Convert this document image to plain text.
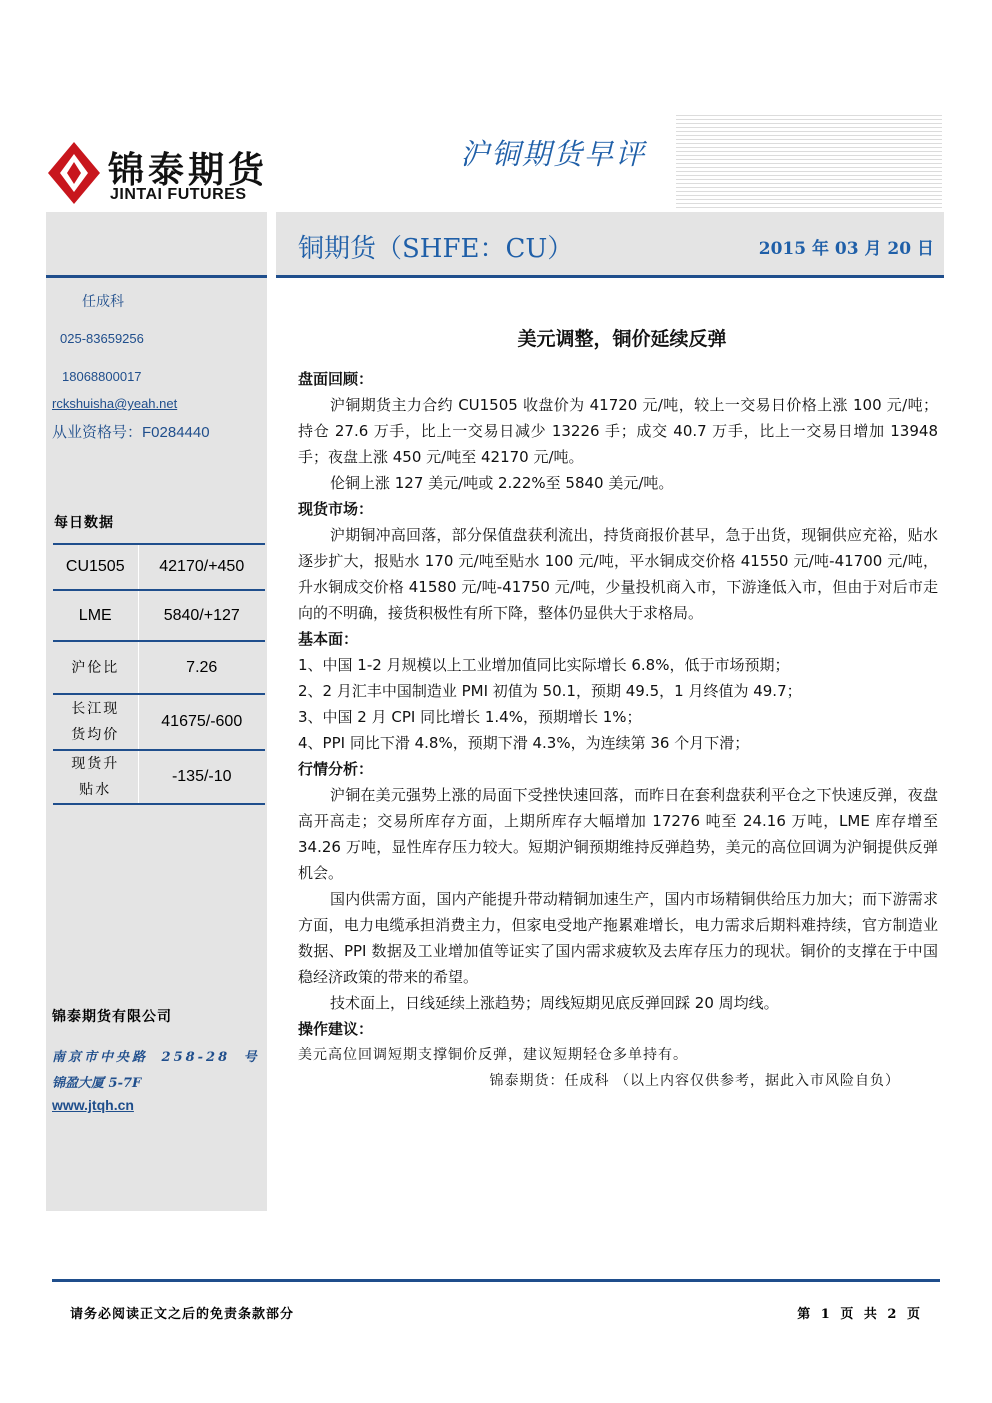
锦泰期货
JINTAI FUTURES
沪铜期货早评
铜期货（SHFE：CU）	2015 年 03 月 20 日
任成科
025-83659256
18068800017
rckshuisha@yeah.net
从业资格号：F0284440
每日数据
CU1505	42170/+450
LME	5840/+127
沪伦比	7.26

长江现货均价	41675/-600

现货升贴水	-135/-10
锦泰期货有限公司
南京市中央路 258-28 号
锦盈大厦 5-7F
www.jtqh.cn
美元调整，铜价延续反弹
盘面回顾：

沪铜期货主力合约 CU1505 收盘价为 41720 元/吨，较上一交易日价格上涨 100 元/吨；持仓 27.6 万手，比上一交易日减少 13226 手；成交 40.7 万手，比上一交易日增加 13948 手；夜盘上涨 450 元/吨至 42170 元/吨。

伦铜上涨 127 美元/吨或 2.22%至 5840 美元/吨。

现货市场：

沪期铜冲高回落，部分保值盘获利流出，持货商报价甚早，急于出货，现铜供应充裕，贴水逐步扩大，报贴水 170 元/吨至贴水 100 元/吨，平水铜成交价格 41550 元/吨-41700 元/吨，升水铜成交价格 41580 元/吨-41750 元/吨，少量投机商入市，下游逢低入市，但由于对后市走向的不明确，接货积极性有所下降，整体仍显供大于求格局。

基本面：
1、中国 1-2 月规模以上工业增加值同比实际增长 6.8%，低于市场预期；
2、2 月汇丰中国制造业 PMI 初值为 50.1，预期 49.5，1 月终值为 49.7；
3、中国 2 月 CPI 同比增长 1.4%，预期增长 1%；
4、PPI 同比下滑 4.8%，预期下滑 4.3%，为连续第 36 个月下滑；
行情分析：

沪铜在美元强势上涨的局面下受挫快速回落，而昨日在套利盘获利平仓之下快速反弹，夜盘高开高走；交易所库存方面，上期所库存大幅增加 17276 吨至 24.16 万吨，LME 库存增至 34.26 万吨，显性库存压力较大。短期沪铜预期维持反弹趋势，美元的高位回调为沪铜提供反弹机会。

国内供需方面，国内产能提升带动精铜加速生产，国内市场精铜供给压力加大；而下游需求方面，电力电缆承担消费主力，但家电受地产拖累难增长，电力需求后期料难持续，官方制造业数据、PPI 数据及工业增加值等证实了国内需求疲软及去库存压力的现状。铜价的支撑在于中国稳经济政策的带来的希望。

技术面上，日线延续上涨趋势；周线短期见底反弹回踩 20 周均线。

操作建议：
美元高位回调短期支撑铜价反弹，建议短期轻仓多单持有。
锦泰期货：任成科 （以上内容仅供参考，据此入市风险自负）
请务必阅读正文之后的免责条款部分	第 1 页 共 2 页
